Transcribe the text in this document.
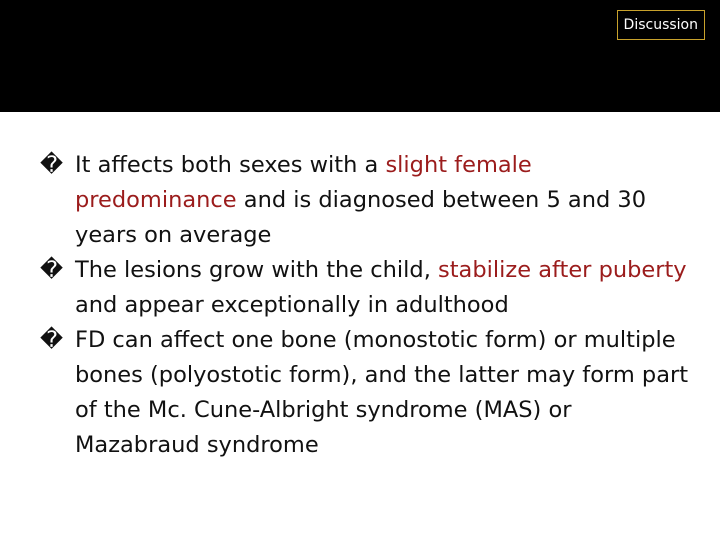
Discussion

� It affects both sexes with a slight female predominance and is diagnosed between 5 and 30 years on average

� The lesions grow with the child, stabilize after puberty and appear exceptionally in adulthood

� FD can affect one bone (monostotic form) or multiple bones (polyostotic form), and the latter may form part of the Mc. Cune-Albright syndrome (MAS) or Mazabraud syndrome
